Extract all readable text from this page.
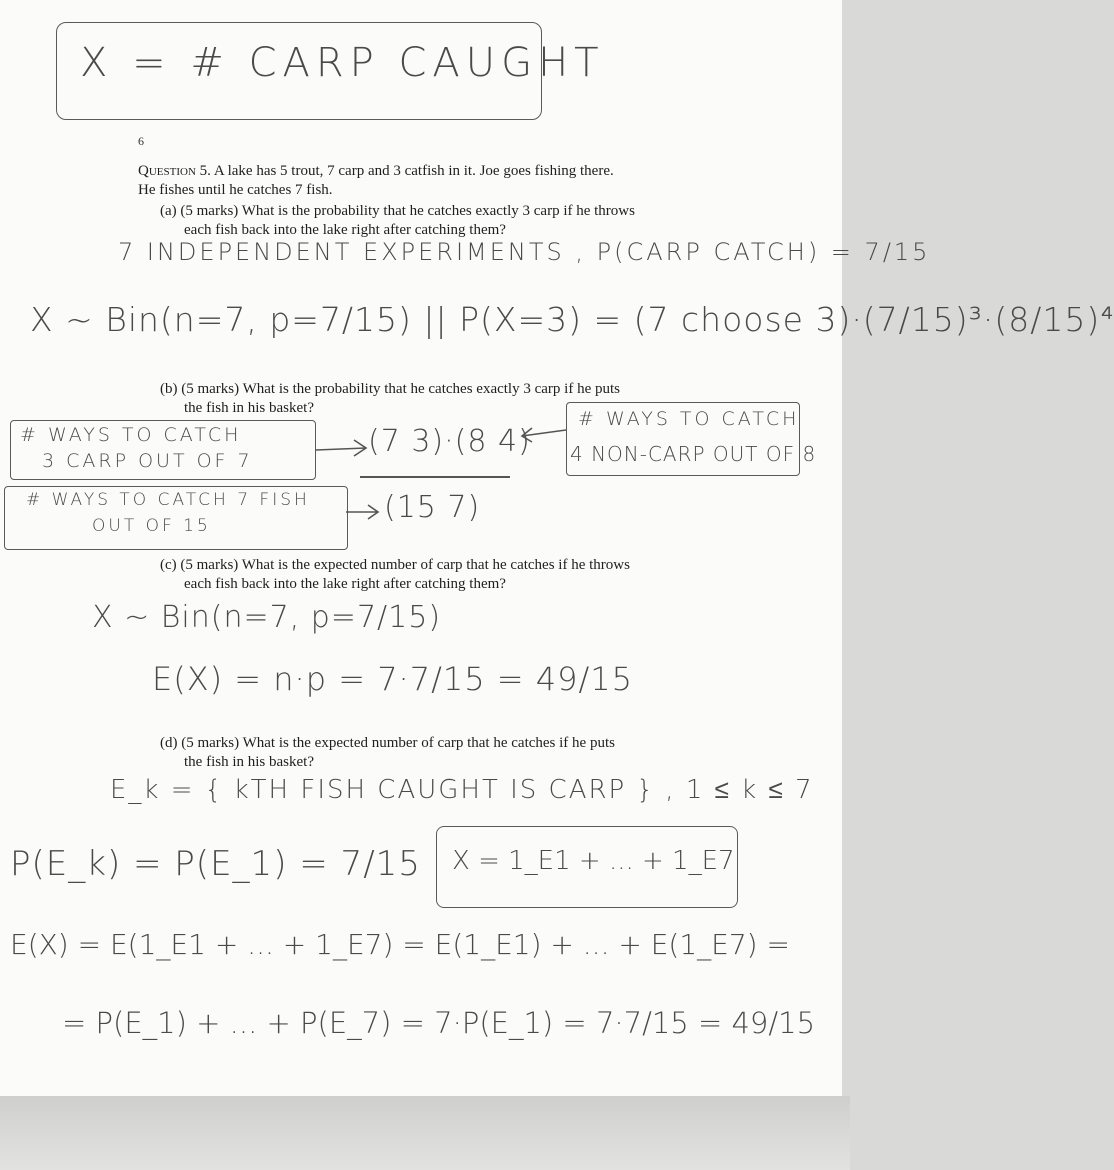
X = # CARP CAUGHT
6
Question 5. A lake has 5 trout, 7 carp and 3 catfish in it. Joe goes fishing there.
He fishes until he catches 7 fish.
(a) (5 marks) What is the probability that he catches exactly 3 carp if he throws
each fish back into the lake right after catching them?
7 INDEPENDENT EXPERIMENTS , P(CARP CATCH) = 7/15
X ~ Bin(n=7, p=7/15) || P(X=3) = (7 choose 3)·(7/15)³·(8/15)⁴
(b) (5 marks) What is the probability that he catches exactly 3 carp if he puts
the fish in his basket?
# WAYS TO CATCH
3 CARP OUT OF 7
# WAYS TO CATCH 7 FISH
OUT OF 15
# WAYS TO CATCH
4 NON-CARP OUT OF 8
(7 3)·(8 4)
(15 7)
(c) (5 marks) What is the expected number of carp that he catches if he throws
each fish back into the lake right after catching them?
X ~ Bin(n=7, p=7/15)
E(X) = n·p = 7·7/15 = 49/15
(d) (5 marks) What is the expected number of carp that he catches if he puts
the fish in his basket?
E_k = { kTH FISH CAUGHT IS CARP } , 1 ≤ k ≤ 7
P(E_k) = P(E_1) = 7/15 X = 1_E1 + ... + 1_E7
E(X) = E(1_E1 + ... + 1_E7) = E(1_E1) + ... + E(1_E7) =
= P(E_1) + ... + P(E_7) = 7·P(E_1) = 7·7/15 = 49/15
